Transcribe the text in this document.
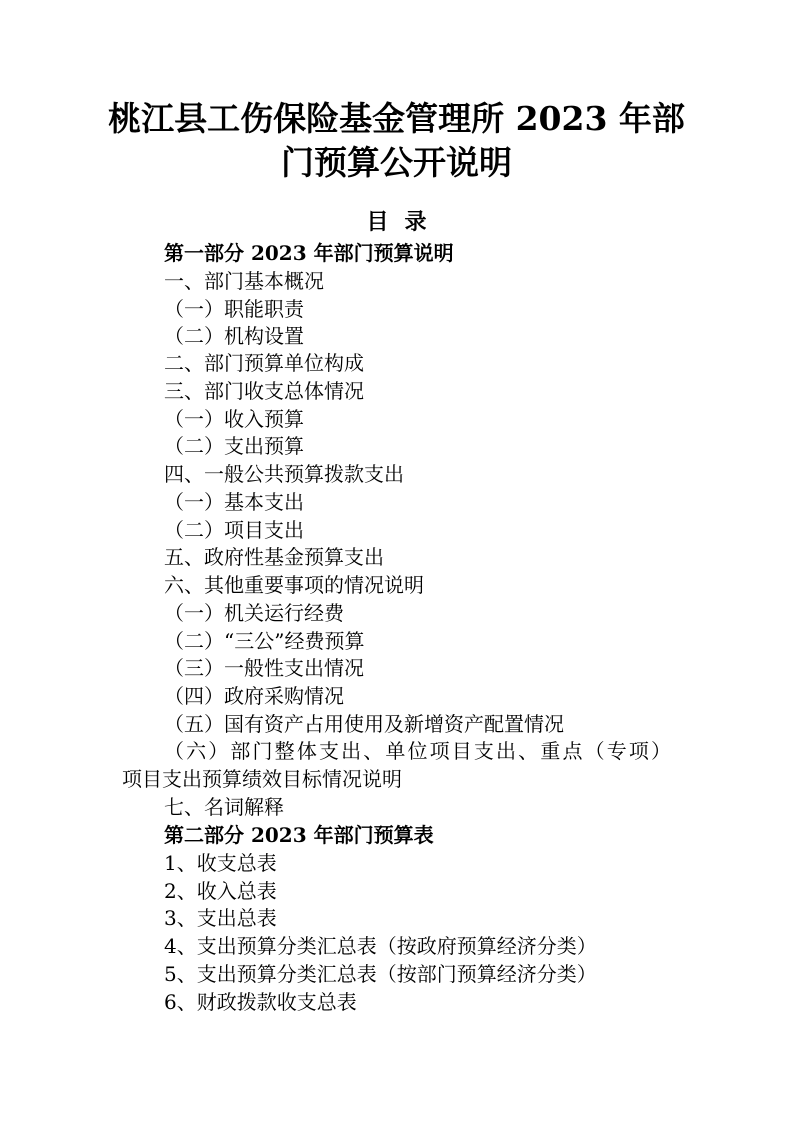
桃江县工伤保险基金管理所 2023 年部
门预算公开说明
目录
第一部分 2023 年部门预算说明
一、部门基本概况
（一）职能职责
（二）机构设置
二、部门预算单位构成
三、部门收支总体情况
（一）收入预算
（二）支出预算
四、一般公共预算拨款支出
（一）基本支出
（二）项目支出
五、政府性基金预算支出
六、其他重要事项的情况说明
（一）机关运行经费
（二）“三公”经费预算
（三）一般性支出情况
（四）政府采购情况
（五）国有资产占用使用及新增资产配置情况
（六）部门整体支出、单位项目支出、重点（专项）
项目支出预算绩效目标情况说明
七、名词解释
第二部分 2023 年部门预算表
1、收支总表
2、收入总表
3、支出总表
4、支出预算分类汇总表（按政府预算经济分类）
5、支出预算分类汇总表（按部门预算经济分类）
6、财政拨款收支总表
